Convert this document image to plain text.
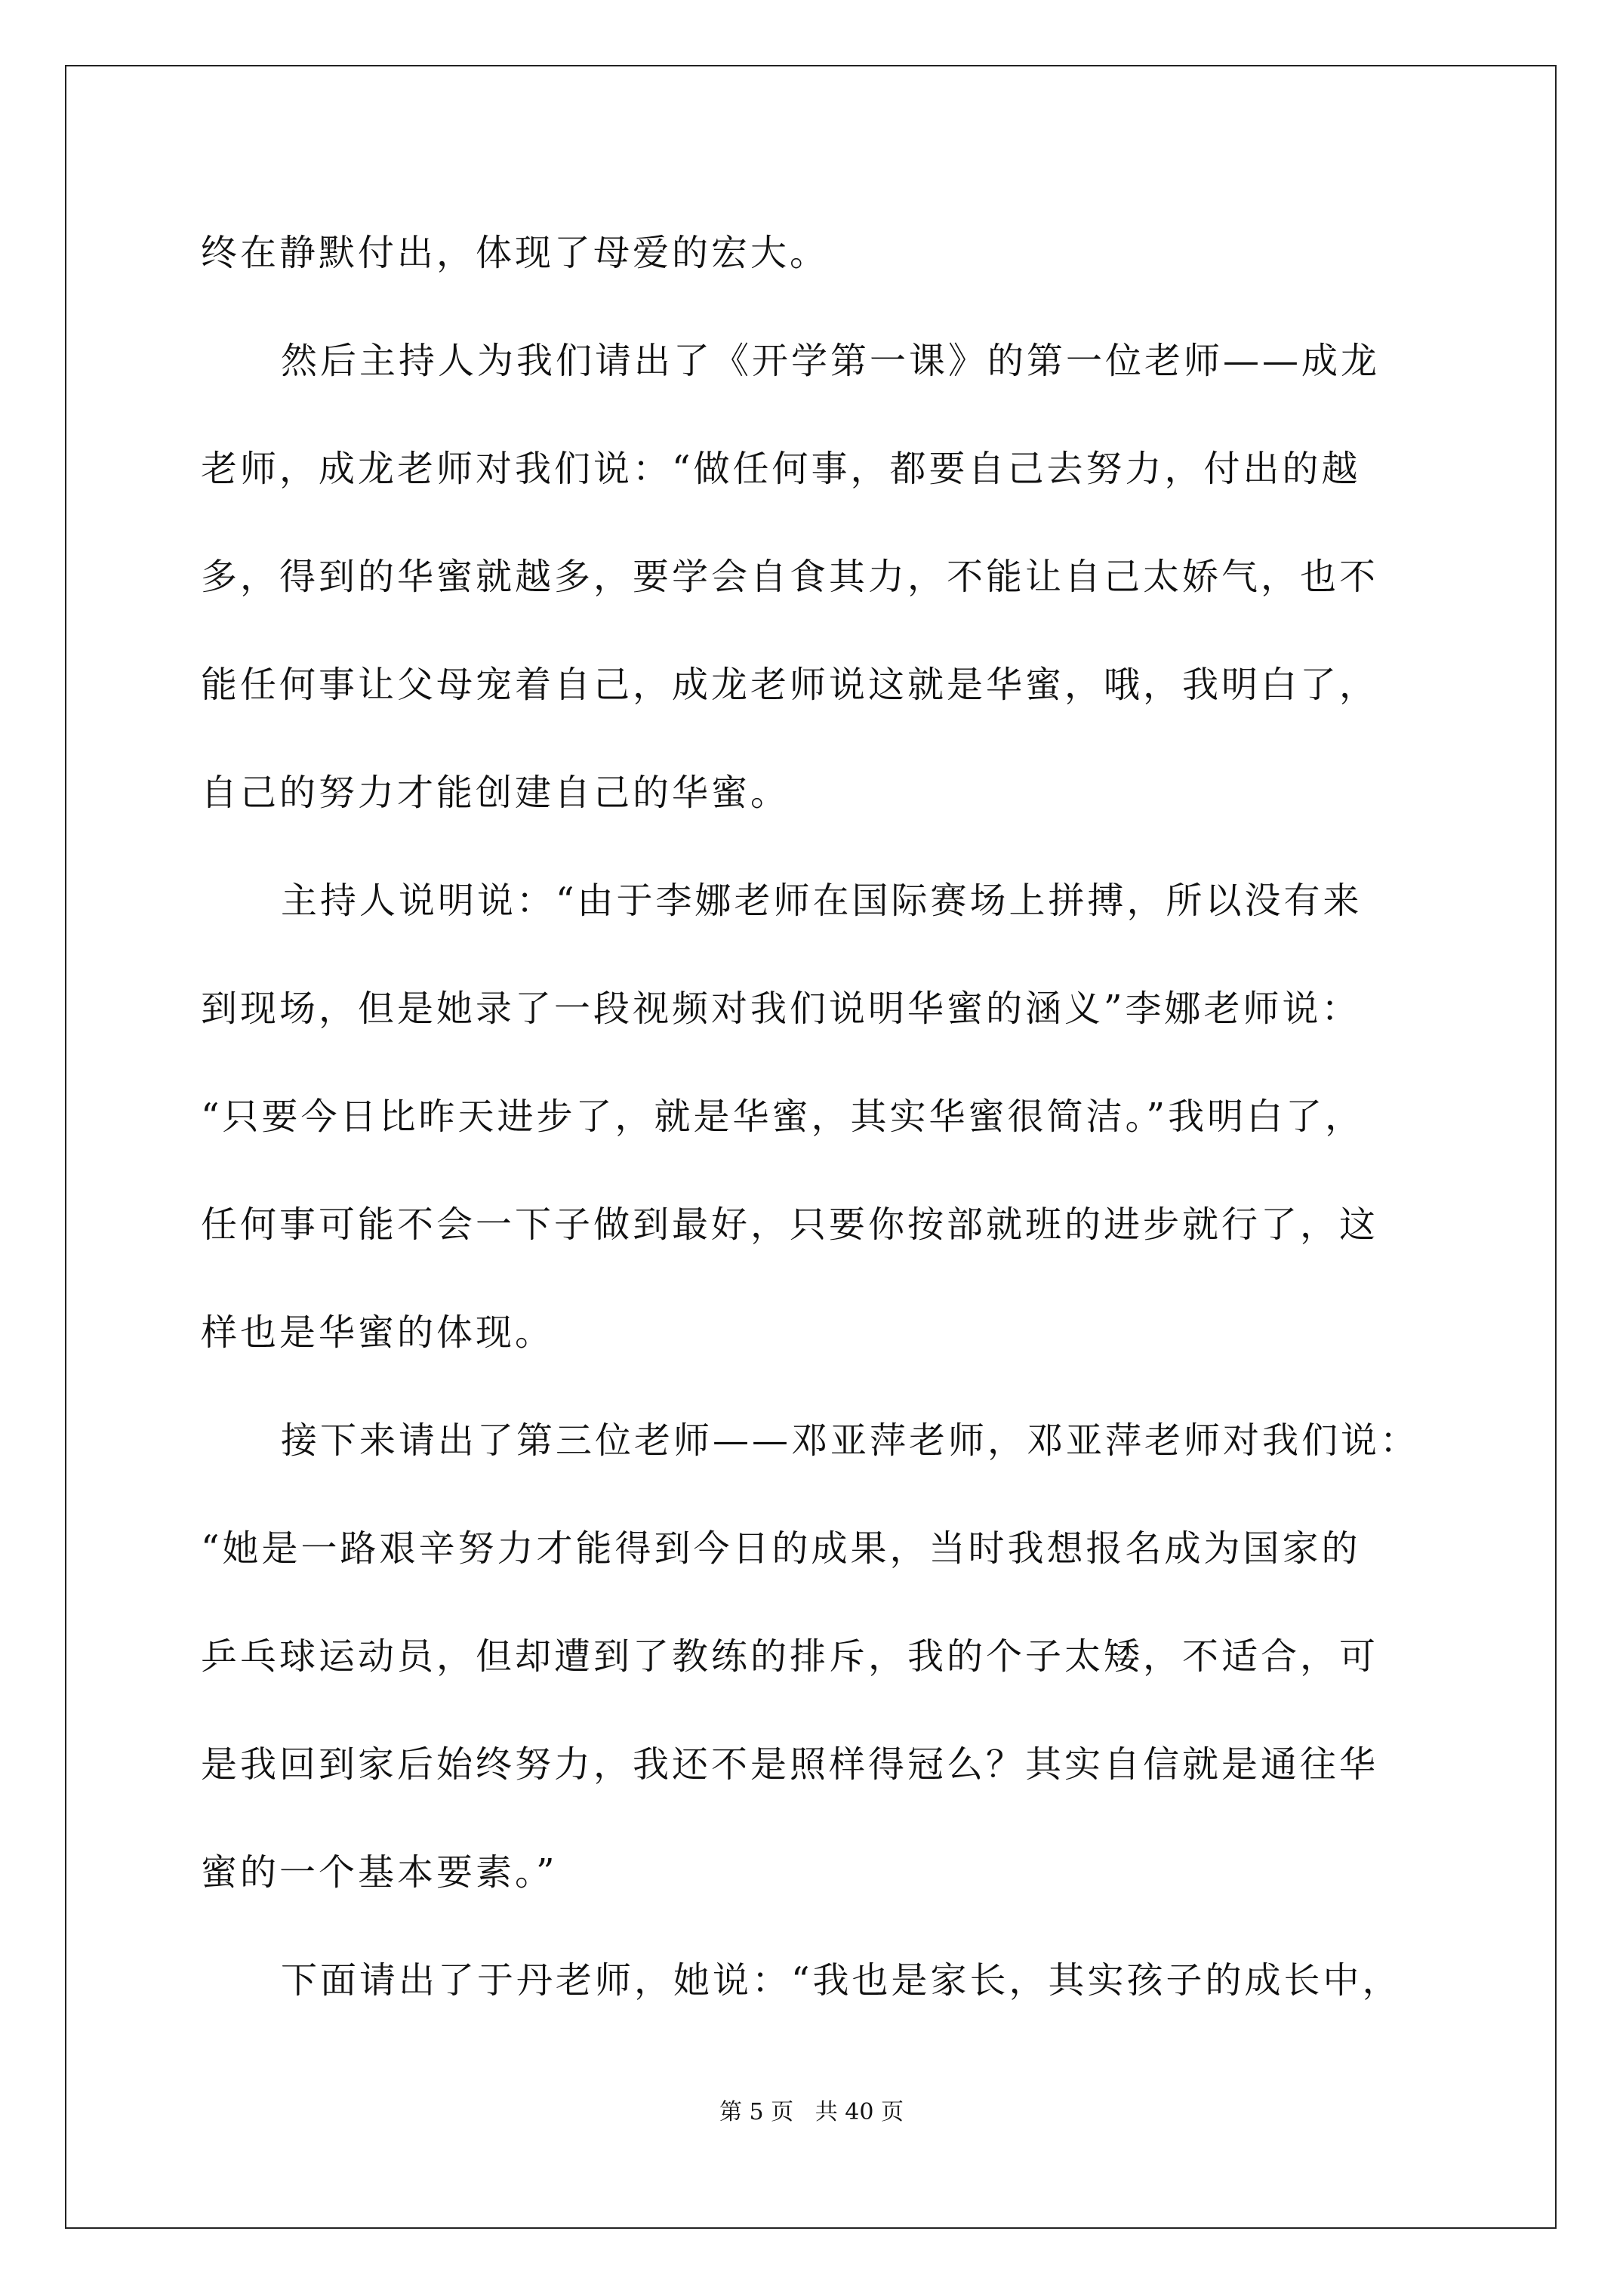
终在静默付出，体现了母爱的宏大。
然后主持人为我们请出了《开学第一课》的第一位老师——成龙
老师，成龙老师对我们说：“做任何事，都要自己去努力，付出的越
多，得到的华蜜就越多，要学会自食其力，不能让自己太娇气，也不
能任何事让父母宠着自己，成龙老师说这就是华蜜，哦，我明白了，
自己的努力才能创建自己的华蜜。
主持人说明说：“由于李娜老师在国际赛场上拼搏，所以没有来
到现场，但是她录了一段视频对我们说明华蜜的涵义”李娜老师说：
“只要今日比昨天进步了，就是华蜜，其实华蜜很简洁。”我明白了，
任何事可能不会一下子做到最好，只要你按部就班的进步就行了，这
样也是华蜜的体现。
接下来请出了第三位老师——邓亚萍老师，邓亚萍老师对我们说：
“她是一路艰辛努力才能得到今日的成果，当时我想报名成为国家的
乒乓球运动员，但却遭到了教练的排斥，我的个子太矮，不适合，可
是我回到家后始终努力，我还不是照样得冠么？其实自信就是通往华
蜜的一个基本要素。”
下面请出了于丹老师，她说：“我也是家长，其实孩子的成长中，
第 5 页   共 40 页
